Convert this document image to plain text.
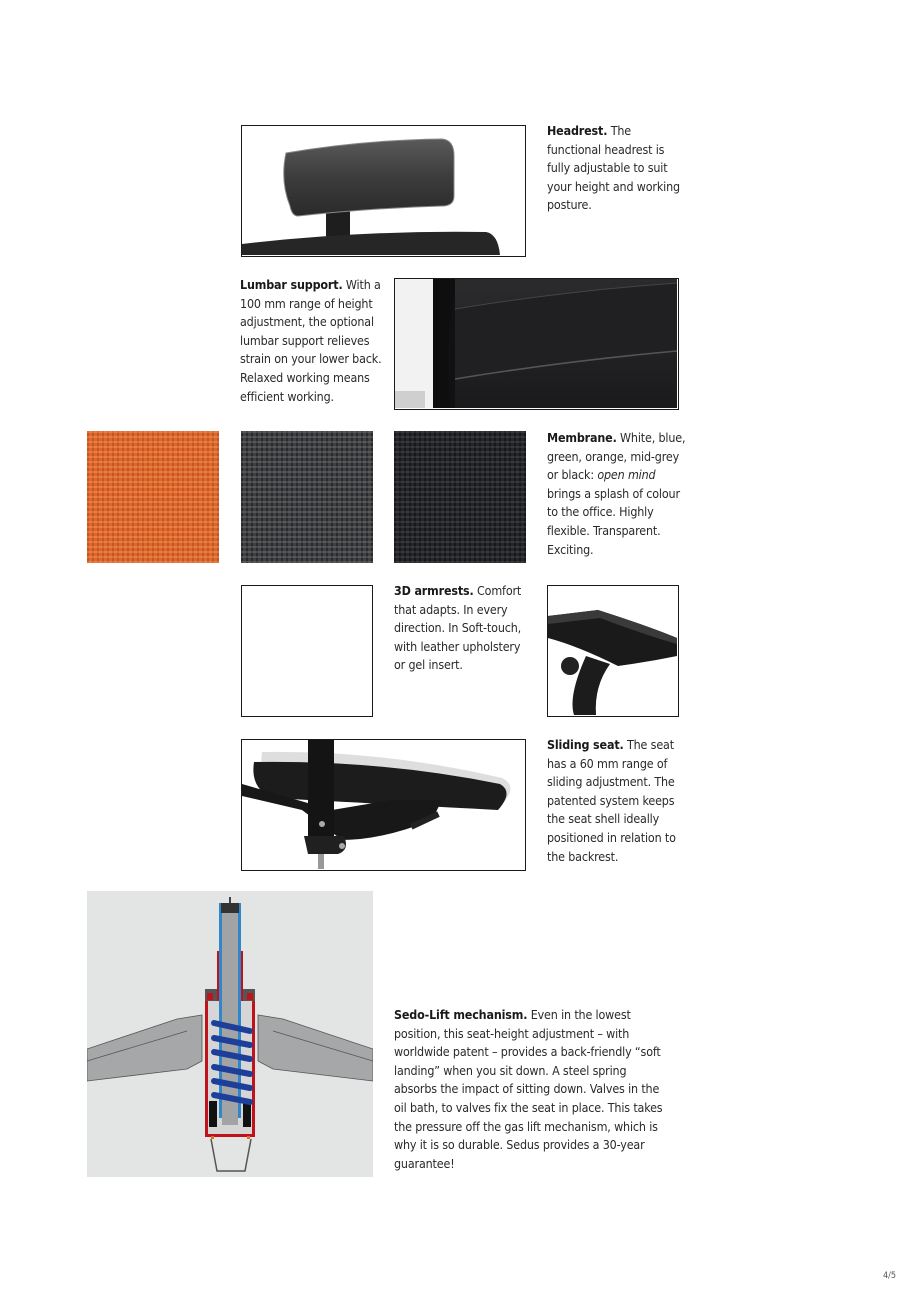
Headrest. The functional headrest is fully adjustable to suit your height and working posture.
Lumbar support. With a 100 mm range of height adjustment, the optional lumbar support relieves strain on your lower back. Relaxed working means efficient working.
Membrane. White, blue, green, orange, mid-grey or black: open mind brings a splash of colour to the office. Highly flexible. Transparent. Exciting.
3D armrests. Comfort that adapts. In every direction. In Soft-touch, with leather upholstery or gel insert.
Sliding seat. The seat has a 60 mm range of sliding adjustment. The patented system keeps the seat shell ideally positioned in relation to the backrest.
Sedo-Lift mechanism. Even in the lowest position, this seat-height adjustment – with worldwide patent – provides a back-friendly “soft landing” when you sit down. A steel spring absorbs the impact of sitting down. Valves in the oil bath, to valves fix the seat in place. This takes the pressure off the gas lift mechanism, which is why it is so durable. Sedus provides a 30-year guarantee!
4/5
